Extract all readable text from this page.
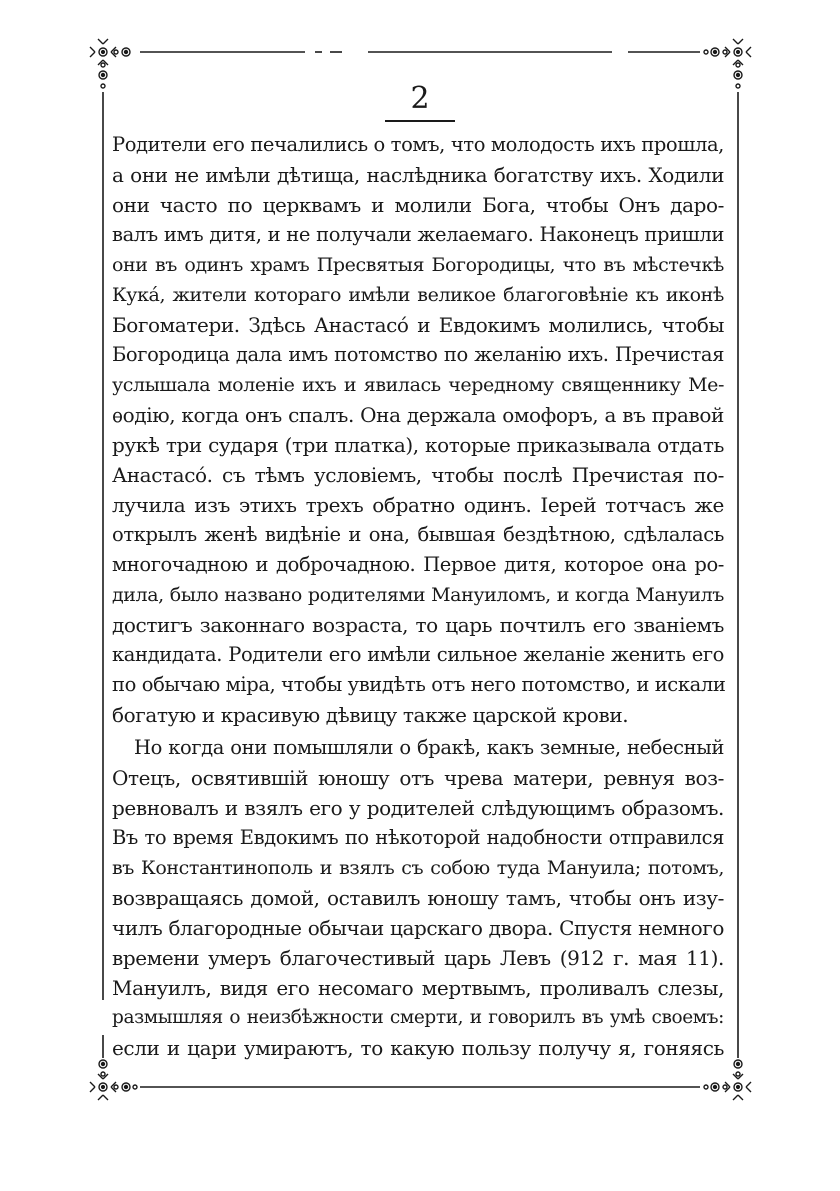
2
Родители его печалились о томъ, что молодость ихъ прошла,
а они не имѣли дѣтища, наслѣдника богатству ихъ. Ходили
они часто по церквамъ и молили Бога, чтобы Онъ даро-
валъ имъ дитя, и не получали желаемаго. Наконецъ пришли
они въ одинъ храмъ Пресвятыя Богородицы, что въ мѣстечкѣ
Кука́, жители котораго имѣли великое благоговѣніе къ иконѣ
Богоматери. Здѣсь Анастасо́ и Евдокимъ молились, чтобы
Богородица дала имъ потомство по желанію ихъ. Пречистая
услышала моленіе ихъ и явилась чередному священнику Ме-
ѳодію, когда онъ спалъ. Она держала омофоръ, а въ правой
рукѣ три сударя (три платка), которые приказывала отдать
Анастасо́. съ тѣмъ условіемъ, чтобы послѣ Пречистая по-
лучила изъ этихъ трехъ обратно одинъ. Іерей тотчасъ же
открылъ женѣ видѣніе и она, бывшая бездѣтною, сдѣлалась
многочадною и доброчадною. Первое дитя, которое она ро-
дила, было названо родителями Мануиломъ, и когда Мануилъ
достигъ законнаго возраста, то царь почтилъ его званіемъ
кандидата. Родители его имѣли сильное желаніе женить его
по обычаю міра, чтобы увидѣть отъ него потомство, и искали
богатую и красивую дѣвицу также царской крови.
Но когда они помышляли о бракѣ, какъ земные, небесный
Отецъ, освятившій юношу отъ чрева матери, ревнуя воз-
ревновалъ и взялъ его у родителей слѣдующимъ образомъ.
Въ то время Евдокимъ по нѣкоторой надобности отправился
въ Константинополь и взялъ съ собою туда Мануила; потомъ,
возвращаясь домой, оставилъ юношу тамъ, чтобы онъ изу-
чилъ благородные обычаи царскаго двора. Спустя немного
времени умеръ благочестивый царь Левъ (912 г. мая 11).
Мануилъ, видя его несомаго мертвымъ, проливалъ слезы,
размышляя о неизбѣжности смерти, и говорилъ въ умѣ своемъ:
если и цари умираютъ, то какую пользу получу я, гоняясь
